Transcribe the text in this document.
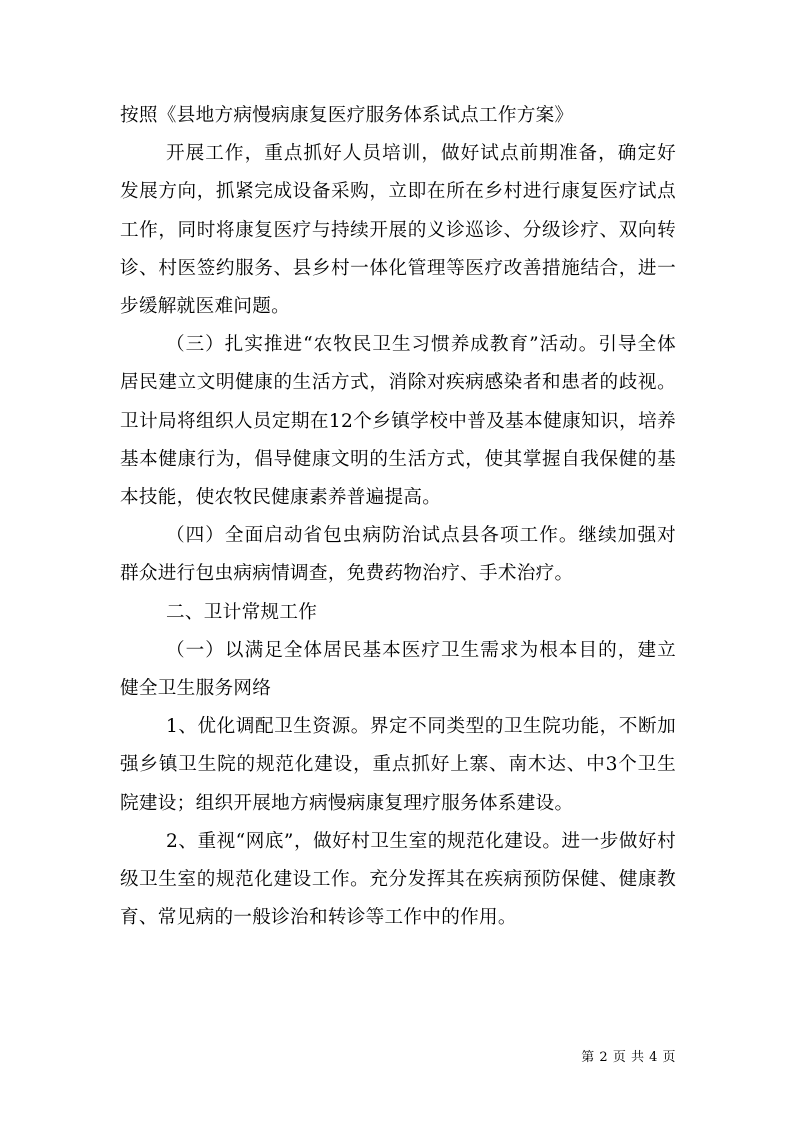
按照《县地方病慢病康复医疗服务体系试点工作方案》

开展工作，重点抓好人员培训，做好试点前期准备，确定好发展方向，抓紧完成设备采购，立即在所在乡村进行康复医疗试点工作，同时将康复医疗与持续开展的义诊巡诊、分级诊疗、双向转诊、村医签约服务、县乡村一体化管理等医疗改善措施结合，进一步缓解就医难问题。

（三）扎实推进“农牧民卫生习惯养成教育”活动。引导全体居民建立文明健康的生活方式，消除对疾病感染者和患者的歧视。卫计局将组织人员定期在12个乡镇学校中普及基本健康知识，培养基本健康行为，倡导健康文明的生活方式，使其掌握自我保健的基本技能，使农牧民健康素养普遍提高。

（四）全面启动省包虫病防治试点县各项工作。继续加强对群众进行包虫病病情调查，免费药物治疗、手术治疗。

二、卫计常规工作

（一）以满足全体居民基本医疗卫生需求为根本目的，建立健全卫生服务网络

1、优化调配卫生资源。界定不同类型的卫生院功能，不断加强乡镇卫生院的规范化建设，重点抓好上寨、南木达、中3个卫生院建设；组织开展地方病慢病康复理疗服务体系建设。

2、重视“网底”，做好村卫生室的规范化建设。进一步做好村级卫生室的规范化建设工作。充分发挥其在疾病预防保健、健康教育、常见病的一般诊治和转诊等工作中的作用。

第 2 页 共 4 页
